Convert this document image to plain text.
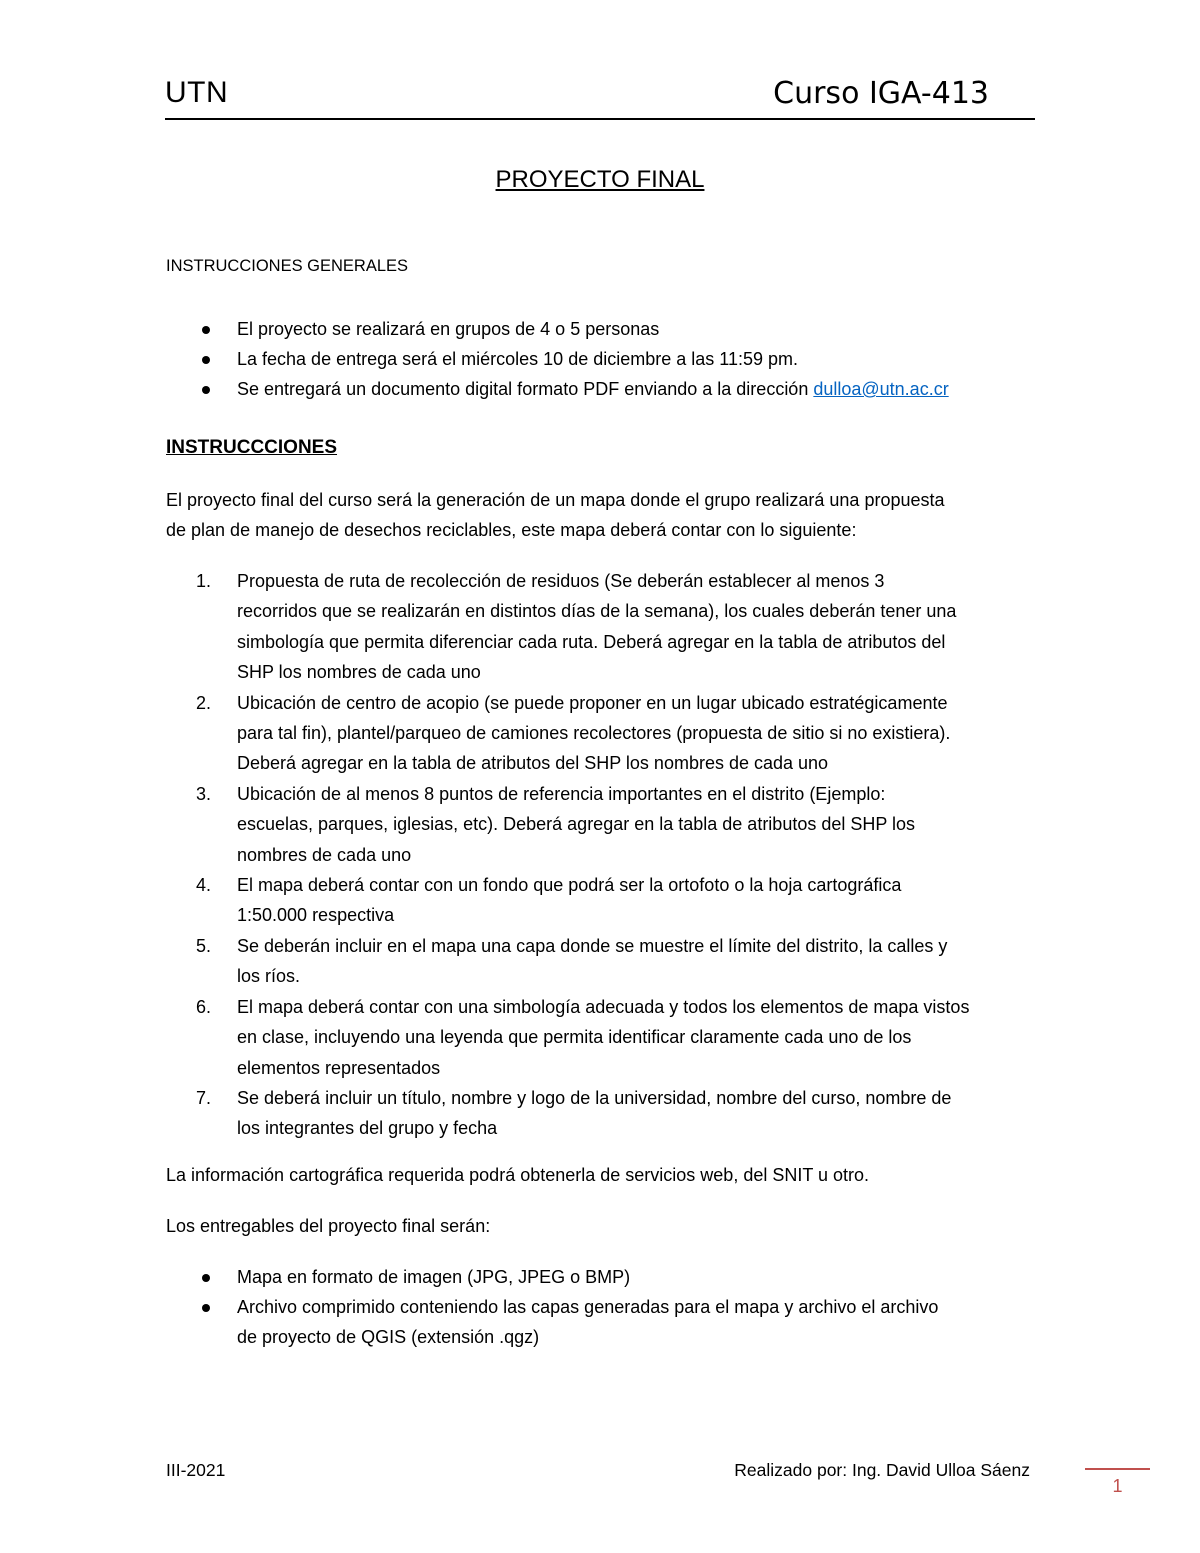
UTN	Curso IGA-413
PROYECTO FINAL
INSTRUCCIONES GENERALES
El proyecto se realizará en grupos de 4 o 5 personas
La fecha de entrega será el miércoles 10 de diciembre a las 11:59 pm.
Se entregará un documento digital formato PDF enviando a la dirección dulloa@utn.ac.cr
INSTRUCCCIONES

El proyecto final del curso será la generación de un mapa donde el grupo realizará una propuesta
de plan de manejo de desechos reciclables, este mapa deberá contar con lo siguiente:

1. Propuesta de ruta de recolección de residuos (Se deberán establecer al menos 3
recorridos que se realizarán en distintos días de la semana), los cuales deberán tener una
simbología que permita diferenciar cada ruta. Deberá agregar en la tabla de atributos del
SHP los nombres de cada uno
2. Ubicación de centro de acopio (se puede proponer en un lugar ubicado estratégicamente
para tal fin), plantel/parqueo de camiones recolectores (propuesta de sitio si no existiera).
Deberá agregar en la tabla de atributos del SHP los nombres de cada uno
3. Ubicación de al menos 8 puntos de referencia importantes en el distrito (Ejemplo:
escuelas, parques, iglesias, etc). Deberá agregar en la tabla de atributos del SHP los
nombres de cada uno
4. El mapa deberá contar con un fondo que podrá ser la ortofoto o la hoja cartográfica
1:50.000 respectiva
5. Se deberán incluir en el mapa una capa donde se muestre el límite del distrito, la calles y
los ríos.
6. El mapa deberá contar con una simbología adecuada y todos los elementos de mapa vistos
en clase, incluyendo una leyenda que permita identificar claramente cada uno de los
elementos representados
7. Se deberá incluir un título, nombre y logo de la universidad, nombre del curso, nombre de
los integrantes del grupo y fecha

La información cartográfica requerida podrá obtenerla de servicios web, del SNIT u otro.

Los entregables del proyecto final serán:

Mapa en formato de imagen (JPG, JPEG o BMP)
Archivo comprimido conteniendo las capas generadas para el mapa y archivo el archivo
de proyecto de QGIS (extensión .qgz)
III-2021	Realizado por: Ing. David Ulloa Sáenz
1
